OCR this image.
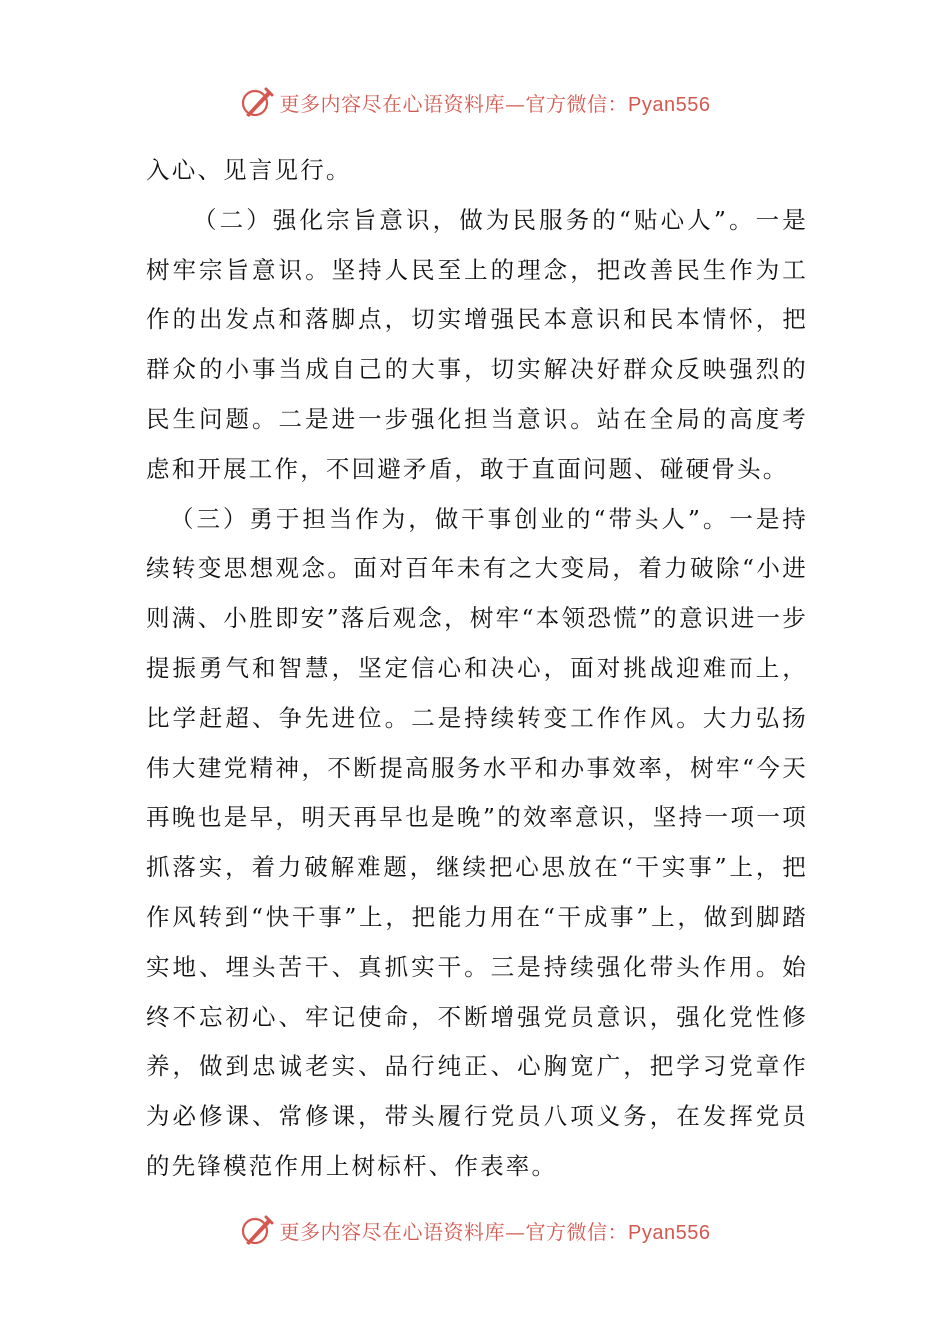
更多内容尽在心语资料库—官方微信：Pyan556

入心、见言见行。

（二）强化宗旨意识，做为民服务的“贴心人”。一是树牢宗旨意识。坚持人民至上的理念，把改善民生作为工作的出发点和落脚点，切实增强民本意识和民本情怀，把群众的小事当成自己的大事，切实解决好群众反映强烈的民生问题。二是进一步强化担当意识。站在全局的高度考虑和开展工作，不回避矛盾，敢于直面问题、碰硬骨头。

（三）勇于担当作为，做干事创业的“带头人”。一是持续转变思想观念。面对百年未有之大变局，着力破除“小进则满、小胜即安”落后观念，树牢“本领恐慌”的意识进一步提振勇气和智慧，坚定信心和决心，面对挑战迎难而上，比学赶超、争先进位。二是持续转变工作作风。大力弘扬伟大建党精神，不断提高服务水平和办事效率，树牢“今天再晚也是早，明天再早也是晚”的效率意识，坚持一项一项抓落实，着力破解难题，继续把心思放在“干实事”上，把作风转到“快干事”上，把能力用在“干成事”上，做到脚踏实地、埋头苦干、真抓实干。三是持续强化带头作用。始终不忘初心、牢记使命，不断增强党员意识，强化党性修养，做到忠诚老实、品行纯正、心胸宽广，把学习党章作为必修课、常修课，带头履行党员八项义务，在发挥党员的先锋模范作用上树标杆、作表率。

更多内容尽在心语资料库—官方微信：Pyan556
